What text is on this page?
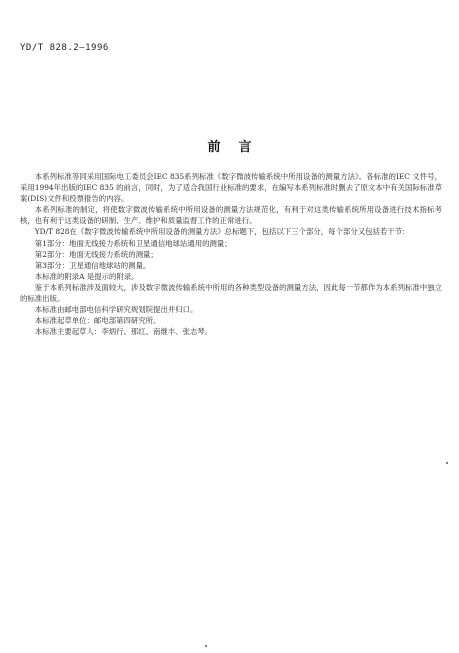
YD/T 828.2—1996
前言

本系列标准等同采用国际电工委员会IEC 835系列标准《数字微波传输系统中所用设备的测量方法》。各标准的IEC 文件号，采用1994年出版的IEC 835 的前言，同时，为了适合我国行业标准的要求，在编写本系列标准时删去了原文本中有关国际标准草案(DIS)文件和投票报告的内容。

本系列标准的制定，将使数字微波传输系统中所用设备的测量方法规范化，有利于对这类传输系统所用设备进行技术指标考核，也有利于这类设备的研制、生产、维护和质量监督工作的正常进行。

YD/T 828在《数字微波传输系统中所用设备的测量方法》总标题下，包括以下三个部分，每个部分又包括若干节：

第1部分：地面无线接力系统和卫星通信地球站通用的测量；

第2部分：地面无线接力系统的测量；

第3部分：卫星通信地球站的测量。

本标准的附录A 是提示的附录。

鉴于本系列标准涉及面较大，涉及数字微波传输系统中所用的各种类型设备的测量方法，因此每一节都作为本系列标准中独立的标准出版。

本标准由邮电部电信科学研究规划院提出并归口。

本标准起草单位：邮电部第四研究所。

本标准主要起草人：李炳行、那红、南继丰、张志琴。
